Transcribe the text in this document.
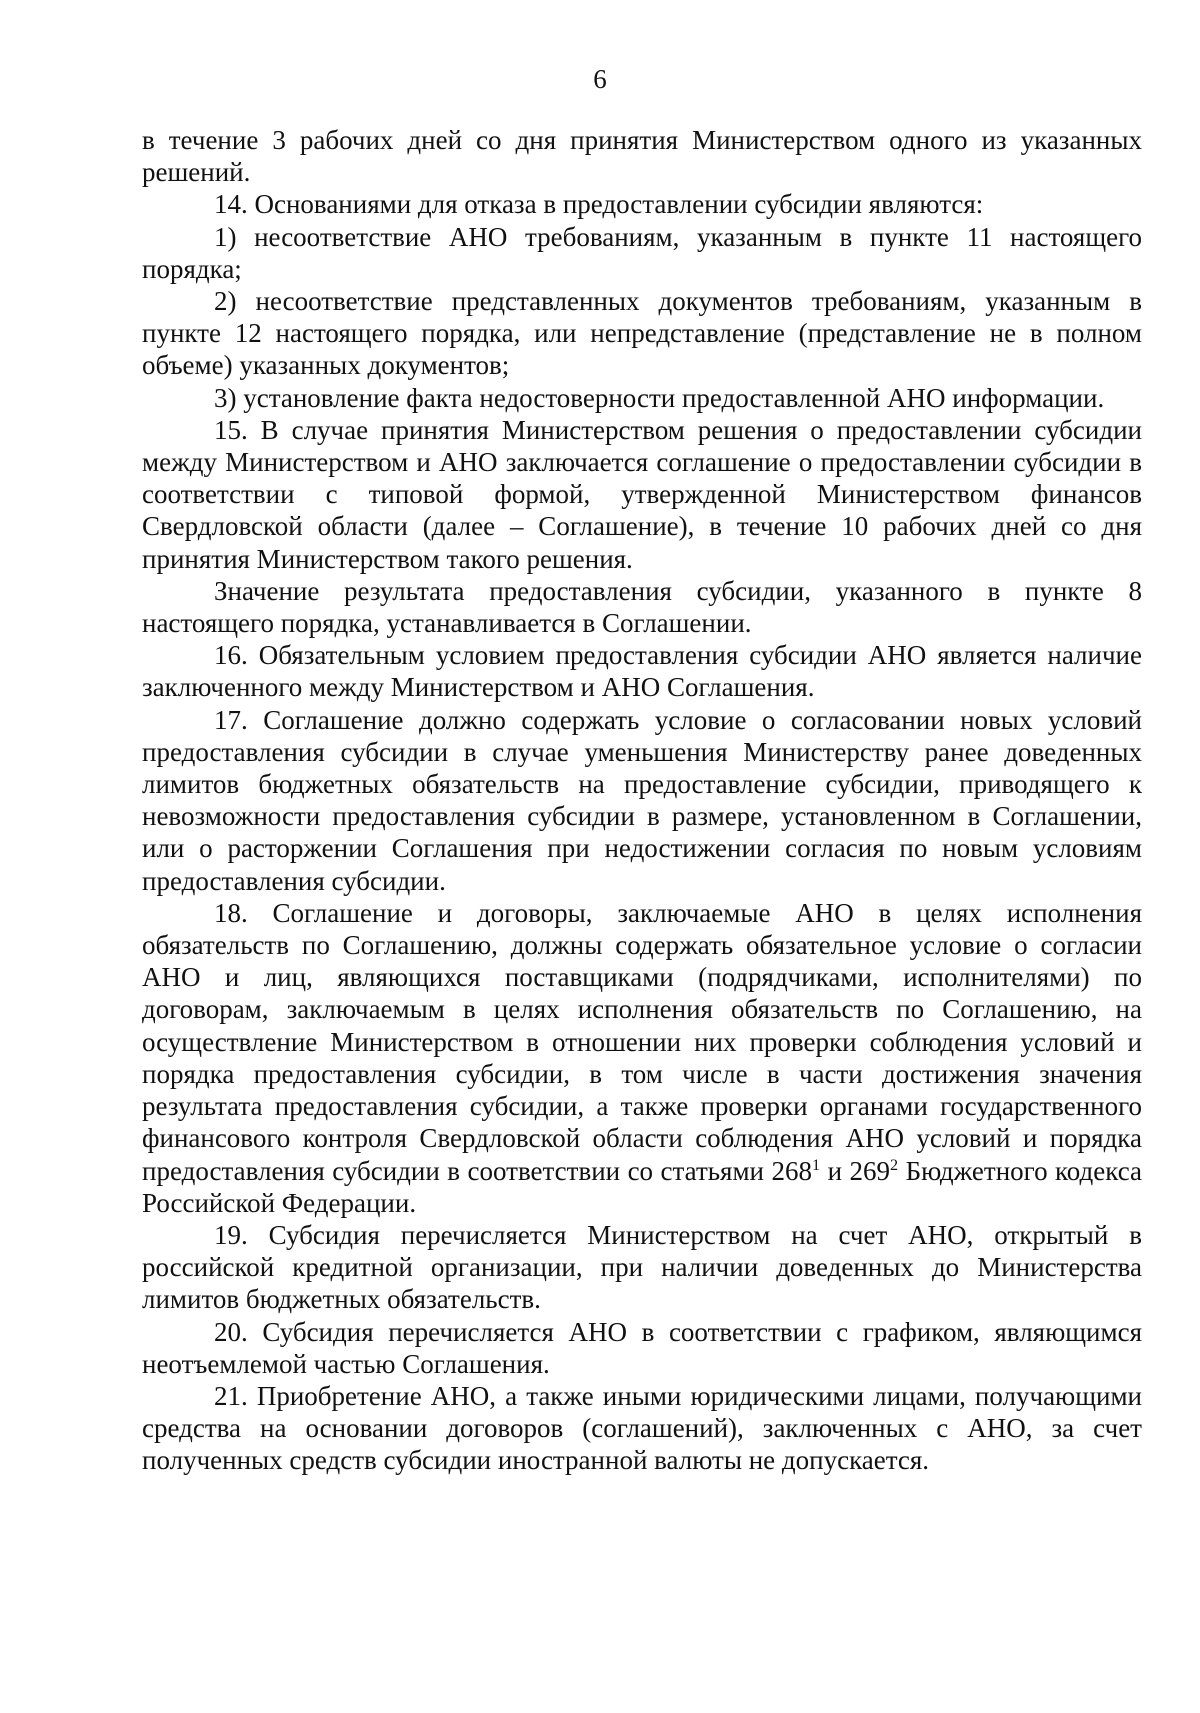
6

в течение 3 рабочих дней со дня принятия Министерством одного из указанных решений.

14. Основаниями для отказа в предоставлении субсидии являются:

1) несоответствие АНО требованиям, указанным в пункте 11 настоящего порядка;

2) несоответствие представленных документов требованиям, указанным в пункте 12 настоящего порядка, или непредставление (представление не в полном объеме) указанных документов;

3) установление факта недостоверности предоставленной АНО информации.

15. В случае принятия Министерством решения о предоставлении субсидии между Министерством и АНО заключается соглашение о предоставлении субсидии в соответствии с типовой формой, утвержденной Министерством финансов Свердловской области (далее – Соглашение), в течение 10 рабочих дней со дня принятия Министерством такого решения.

Значение результата предоставления субсидии, указанного в пункте 8 настоящего порядка, устанавливается в Соглашении.

16. Обязательным условием предоставления субсидии АНО является наличие заключенного между Министерством и АНО Соглашения.

17. Соглашение должно содержать условие о согласовании новых условий предоставления субсидии в случае уменьшения Министерству ранее доведенных лимитов бюджетных обязательств на предоставление субсидии, приводящего к невозможности предоставления субсидии в размере, установленном в Соглашении, или о расторжении Соглашения при недостижении согласия по новым условиям предоставления субсидии.

18. Соглашение и договоры, заключаемые АНО в целях исполнения обязательств по Соглашению, должны содержать обязательное условие о согласии АНО и лиц, являющихся поставщиками (подрядчиками, исполнителями) по договорам, заключаемым в целях исполнения обязательств по Соглашению, на осуществление Министерством в отношении них проверки соблюдения условий и порядка предоставления субсидии, в том числе в части достижения значения результата предоставления субсидии, а также проверки органами государственного финансового контроля Свердловской области соблюдения АНО условий и порядка предоставления субсидии в соответствии со статьями $268^1$ и $269^2$ Бюджетного кодекса Российской Федерации.

19. Субсидия перечисляется Министерством на счет АНО, открытый в российской кредитной организации, при наличии доведенных до Министерства лимитов бюджетных обязательств.

20. Субсидия перечисляется АНО в соответствии с графиком, являющимся неотъемлемой частью Соглашения.

21. Приобретение АНО, а также иными юридическими лицами, получающими средства на основании договоров (соглашений), заключенных с АНО, за счет полученных средств субсидии иностранной валюты не допускается.
